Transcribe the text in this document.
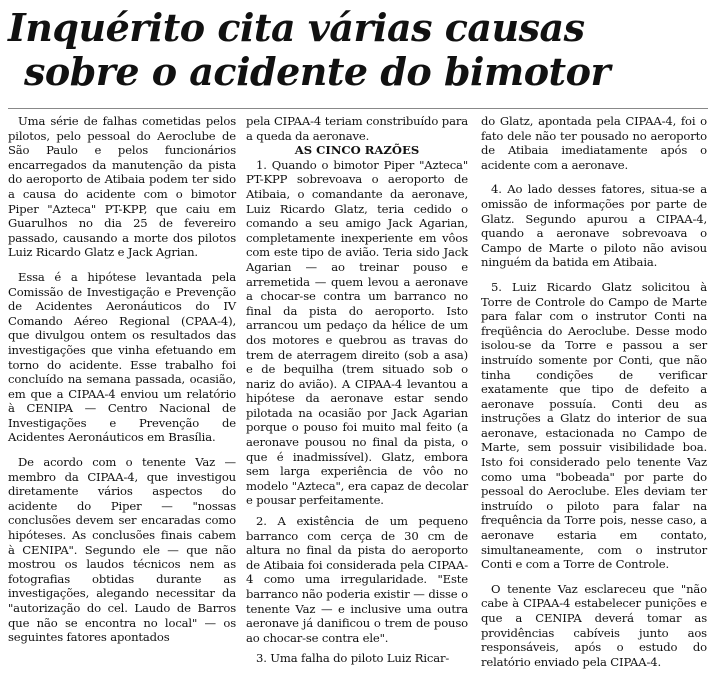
Inquérito cita várias causas
sobre o acidente do bimotor

Uma série de falhas cometidas pelos pilotos, pelo pessoal do Aeroclube de São Paulo e pelos funcionários encarregados da manutenção da pista do aeroporto de Atibaia podem ter sido a causa do acidente com o bimotor Piper "Azteca" PT-KPP, que caiu em Guarulhos no dia 25 de fevereiro passado, causando a morte dos pilotos Luiz Ricardo Glatz e Jack Agrian.

Essa é a hipótese levantada pela Comissão de Investigação e Prevenção de Acidentes Aeronáuticos do IV Comando Aéreo Regional (CPAA-4), que divulgou ontem os resultados das investigações que vinha efetuando em torno do acidente. Esse trabalho foi concluído na semana passada, ocasião, em que a CIPAA-4 enviou um relatório à CENIPA — Centro Nacional de Investigações e Prevenção de Acidentes Aeronáuticos em Brasília.

De acordo com o tenente Vaz — membro da CIPAA-4, que investigou diretamente vários aspectos do acidente do Piper — "nossas conclusões devem ser encaradas como hipóteses. As conclusões finais cabem à CENIPA". Segundo ele — que não mostrou os laudos técnicos nem as fotografias obtidas durante as investigações, alegando necessitar da "autorização do cel. Laudo de Barros que não se encontra no local" — os seguintes fatores apontados

pela CIPAA-4 teriam constribuído para a queda da aeronave.

AS CINCO RAZÕES

1. Quando o bimotor Piper "Azteca" PT-KPP sobrevoava o aeroporto de Atibaia, o comandante da aeronave, Luiz Ricardo Glatz, teria cedido o comando a seu amigo Jack Agarian, completamente inexperiente em vôos com este tipo de avião. Teria sido Jack Agarian — ao treinar pouso e arremetida — quem levou a aeronave a chocar-se contra um barranco no final da pista do aeroporto. Isto arrancou um pedaço da hélice de um dos motores e quebrou as travas do trem de aterragem direito (sob a asa) e de bequilha (trem situado sob o nariz do avião). A CIPAA-4 levantou a hipótese da aeronave estar sendo pilotada na ocasião por Jack Agarian porque o pouso foi muito mal feito (a aeronave pousou no final da pista, o que é inadmissível). Glatz, embora sem larga experiência de vôo no modelo "Azteca", era capaz de decolar e pousar perfeitamente.

2. A existência de um pequeno barranco com cerça de 30 cm de altura no final da pista do aeroporto de Atibaia foi considerada pela CIPAA-4 como uma irregularidade. "Este barranco não poderia existir — disse o tenente Vaz — e inclusive uma outra aeronave já danificou o trem de pouso ao chocar-se contra ele".

3. Uma falha do piloto Luiz Ricar-

do Glatz, apontada pela CIPAA-4, foi o fato dele não ter pousado no aeroporto de Atibaia imediatamente após o acidente com a aeronave.

4. Ao lado desses fatores, situa-se a omissão de informações por parte de Glatz. Segundo apurou a CIPAA-4, quando a aeronave sobrevoava o Campo de Marte o piloto não avisou ninguém da batida em Atibaia.

5. Luiz Ricardo Glatz solicitou à Torre de Controle do Campo de Marte para falar com o instrutor Conti na freqüência do Aeroclube. Desse modo isolou-se da Torre e passou a ser instruído somente por Conti, que não tinha condições de verificar exatamente que tipo de defeito a aeronave possuía. Conti deu as instruções a Glatz do interior de sua aeronave, estacionada no Campo de Marte, sem possuir visibilidade boa. Isto foi considerado pelo tenente Vaz como uma "bobeada" por parte do pessoal do Aeroclube. Eles deviam ter instruído o piloto para falar na frequência da Torre pois, nesse caso, a aeronave estaria em contato, simultaneamente, com o instrutor Conti e com a Torre de Controle.

O tenente Vaz esclareceu que "não cabe à CIPAA-4 estabelecer punições e que a CENIPA deverá tomar as providências cabíveis junto aos responsáveis, após o estudo do relatório enviado pela CIPAA-4.
